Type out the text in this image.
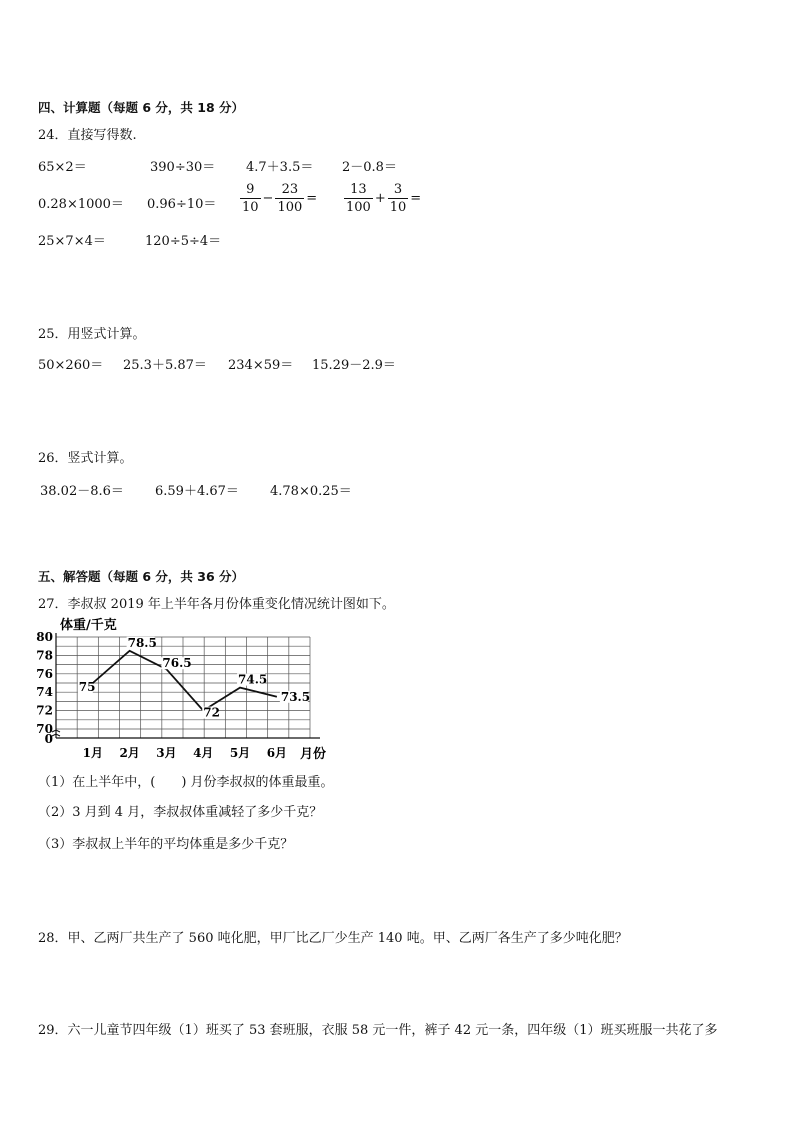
四、计算题（每题 6 分，共 18 分）
24．直接写得数.
65×2＝	390÷30＝ 4.7＋3.5＝ 2－0.8＝
$0.28\times 1000= 0.96\div 10= \frac{9}{10} - \frac{23}{100} = \frac{13}{100} + \frac{3}{10}$ =
25×7×4＝	120÷5÷4＝
25．用竖式计算。
50×260＝ 25.3＋5.87＝ 234×59＝ 15.29－2.9＝
26．竖式计算。
38.02－8.6＝ 6.59＋4.67＝ 4.78×0.25＝
五、解答题（每题 6 分，共 36 分）
27．李叔叔 2019 年上半年各月份体重变化情况统计图如下。
80
78
76
74
72
70
0
1月 2月 3月 4月 5月 6月
75
78.5
76.5
72
74.5
73.5
体重/千克
月份
（1）在上半年中，(　　) 月份李叔叔的体重最重。
（2）3 月到 4 月，李叔叔体重减轻了多少千克？
（3）李叔叔上半年的平均体重是多少千克？
28．甲、乙两厂共生产了 560 吨化肥，甲厂比乙厂少生产 140 吨。甲、乙两厂各生产了多少吨化肥？
29．六一儿童节四年级（1）班买了 53 套班服，衣服 58 元一件，裤子 42 元一条，四年级（1）班买班服一共花了多
